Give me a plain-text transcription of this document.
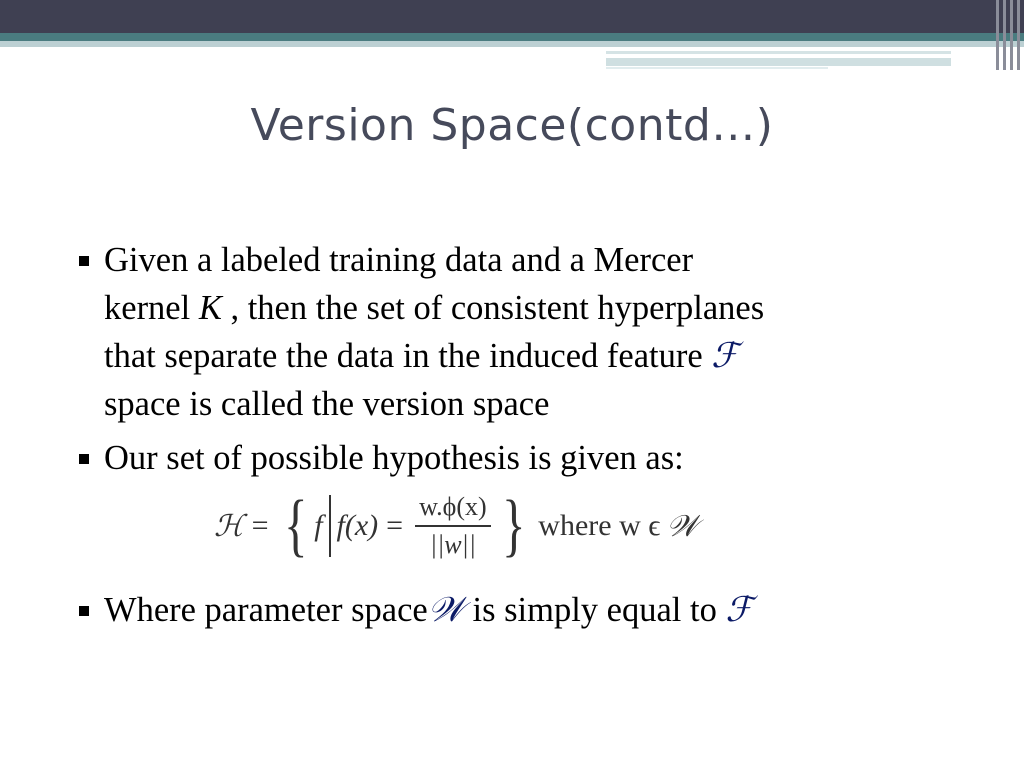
Version Space(contd…)
Given a labeled training data and a Mercer
kernel K , then the set of consistent hyperplanes
that separate the data in the induced feature ℱ
space is called the version space
Our set of possible hypothesis is given as:
Where parameter space𝒲 is simply equal to ℱ
ℋ = { f $f(x) = \frac{w.\phi(x)}{||w||}$ } where w ϵ 𝒲
